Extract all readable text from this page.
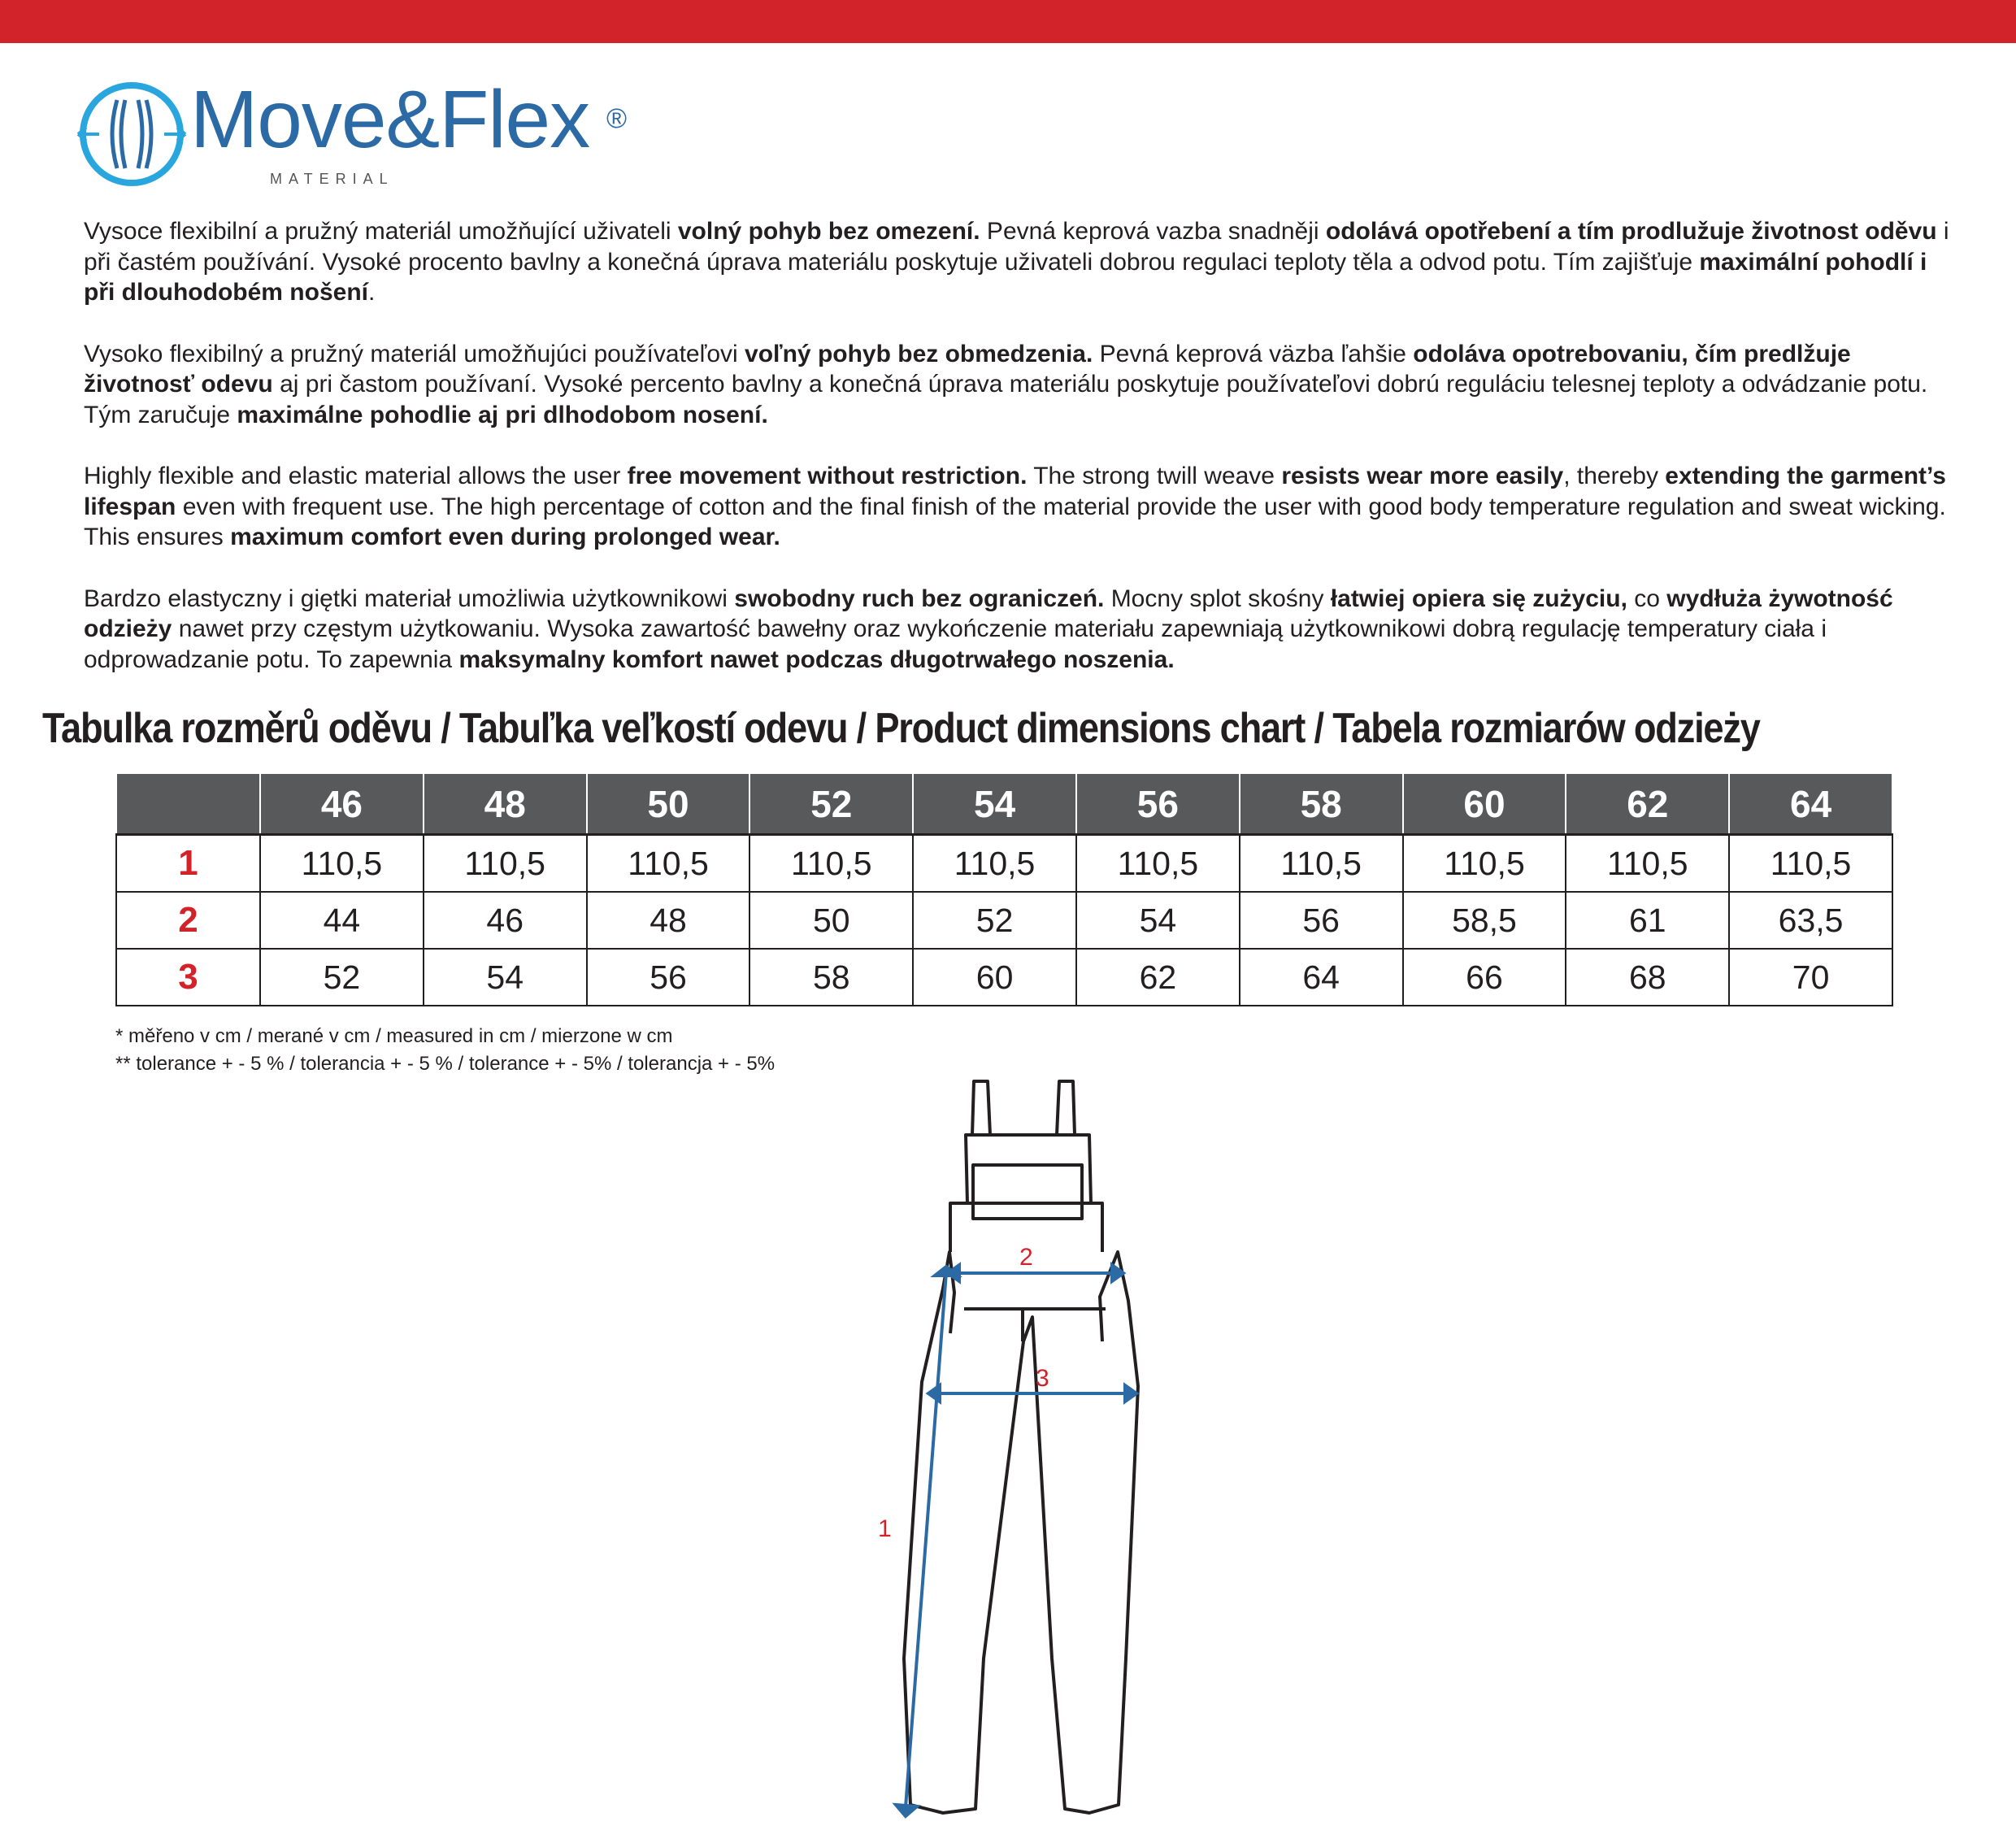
Move&Flex ®
MATERIAL

Vysoce flexibilní a pružný materiál umožňující uživateli volný pohyb bez omezení. Pevná keprová vazba snadněji odolává opotřebení a tím prodlužuje životnost oděvu i při častém používání. Vysoké procento bavlny a konečná úprava materiálu poskytuje uživateli dobrou regulaci teploty těla a odvod potu. Tím zajišťuje maximální pohodlí i při dlouhodobém nošení.

Vysoko flexibilný a pružný materiál umožňujúci používateľovi voľný pohyb bez obmedzenia. Pevná keprová väzba ľahšie odoláva opotrebovaniu, čím predlžuje životnosť odevu aj pri častom používaní. Vysoké percento bavlny a konečná úprava materiálu poskytuje používateľovi dobrú reguláciu telesnej teploty a odvádzanie potu. Tým zaručuje maximálne pohodlie aj pri dlhodobom nosení.

Highly flexible and elastic material allows the user free movement without restriction. The strong twill weave resists wear more easily, thereby extending the garment’s lifespan even with frequent use. The high percentage of cotton and the final finish of the material provide the user with good body temperature regulation and sweat wicking. This ensures maximum comfort even during prolonged wear.

Bardzo elastyczny i giętki materiał umożliwia użytkownikowi swobodny ruch bez ograniczeń. Mocny splot skośny łatwiej opiera się zużyciu, co wydłuża żywotność odzieży nawet przy częstym użytkowaniu. Wysoka zawartość bawełny oraz wykończenie materiału zapewniają użytkownikowi dobrą regulację temperatury ciała i odprowadzanie potu. To zapewnia maksymalny komfort nawet podczas długotrwałego noszenia.

Tabulka rozměrů oděvu / Tabuľka veľkostí odevu / Product dimensions chart / Tabela rozmiarów odzieży
	46	48	50	52	54	56	58	60	62	64
1	110,5	110,5	110,5	110,5	110,5	110,5	110,5	110,5	110,5	110,5
2	44	46	48	50	52	54	56	58,5	61	63,5
3	52	54	56	58	60	62	64	66	68	70
* měřeno v cm / merané v cm / measured in cm / mierzone w cm
** tolerance + - 5 % / tolerancia + - 5 % / tolerance + - 5% / tolerancja + - 5%
1
2
3
